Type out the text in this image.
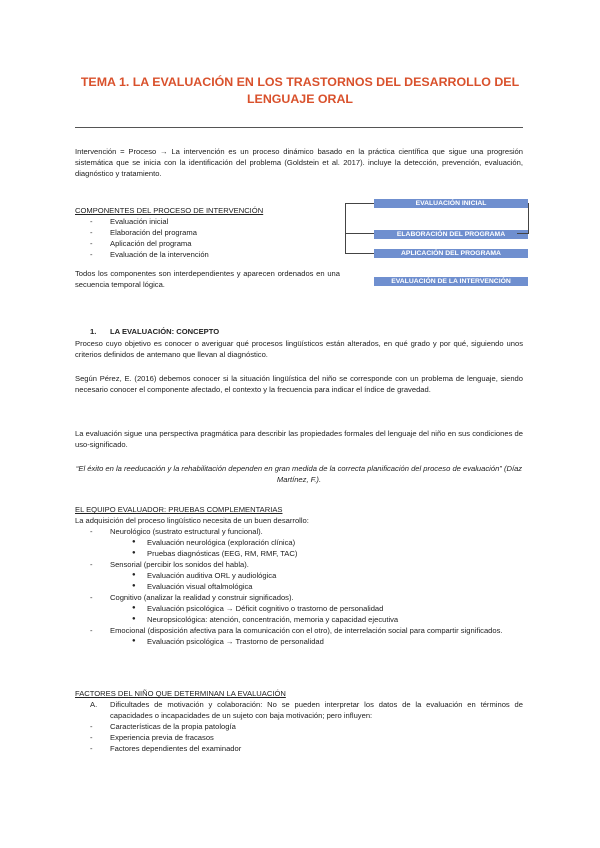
TEMA 1. LA EVALUACIÓN EN LOS TRASTORNOS DEL DESARROLLO DEL LENGUAJE ORAL
Intervención = Proceso → La intervención es un proceso dinámico basado en la práctica científica que sigue una progresión sistemática que se inicia con la identificación del problema (Goldstein et al. 2017). incluye la detección, prevención, evaluación, diagnóstico y tratamiento.
COMPONENTES DEL PROCESO DE INTERVENCIÓN
- Evaluación inicial
- Elaboración del programa
- Aplicación del programa
- Evaluación de la intervención
Todos los componentes son interdependientes y aparecen ordenados en una secuencia temporal lógica.
EVALUACIÓN INICIAL
ELABORACIÓN DEL PROGRAMA
APLICACIÓN DEL PROGRAMA
EVALUACIÓN DE LA INTERVENCIÓN
1. LA EVALUACIÓN: CONCEPTO
Proceso cuyo objetivo es conocer o averiguar qué procesos lingüísticos están alterados, en qué grado y por qué, siguiendo unos criterios definidos de antemano que llevan al diagnóstico.
Según Pérez, E. (2016) debemos conocer si la situación lingüística del niño se corresponde con un problema de lenguaje, siendo necesario conocer el componente afectado, el contexto y la frecuencia para indicar el índice de gravedad.
La evaluación sigue una perspectiva pragmática para describir las propiedades formales del lenguaje del niño en sus condiciones de uso-significado.
“El éxito en la reeducación y la rehabilitación dependen en gran medida de la correcta planificación del proceso de evaluación” (Díaz Martínez, F.).
EL EQUIPO EVALUADOR: PRUEBAS COMPLEMENTARIAS
La adquisición del proceso lingüístico necesita de un buen desarrollo:
- Neurológico (sustrato estructural y funcional).
● Evaluación neurológica (exploración clínica)
● Pruebas diagnósticas (EEG, RM, RMF, TAC)
- Sensorial (percibir los sonidos del habla).
● Evaluación auditiva ORL y audiológica
● Evaluación visual oftalmológica
- Cognitivo (analizar la realidad y construir significados).
● Evaluación psicológica → Déficit cognitivo o trastorno de personalidad
● Neuropsicológica: atención, concentración, memoria y capacidad ejecutiva
- Emocional (disposición afectiva para la comunicación con el otro), de interrelación social para compartir significados.
● Evaluación psicológica → Trastorno de personalidad
FACTORES DEL NIÑO QUE DETERMINAN LA EVALUACIÓN
A. Dificultades de motivación y colaboración: No se pueden interpretar los datos de la evaluación en términos de capacidades o incapacidades de un sujeto con baja motivación; pero influyen:
- Características de la propia patología
- Experiencia previa de fracasos
- Factores dependientes del examinador
